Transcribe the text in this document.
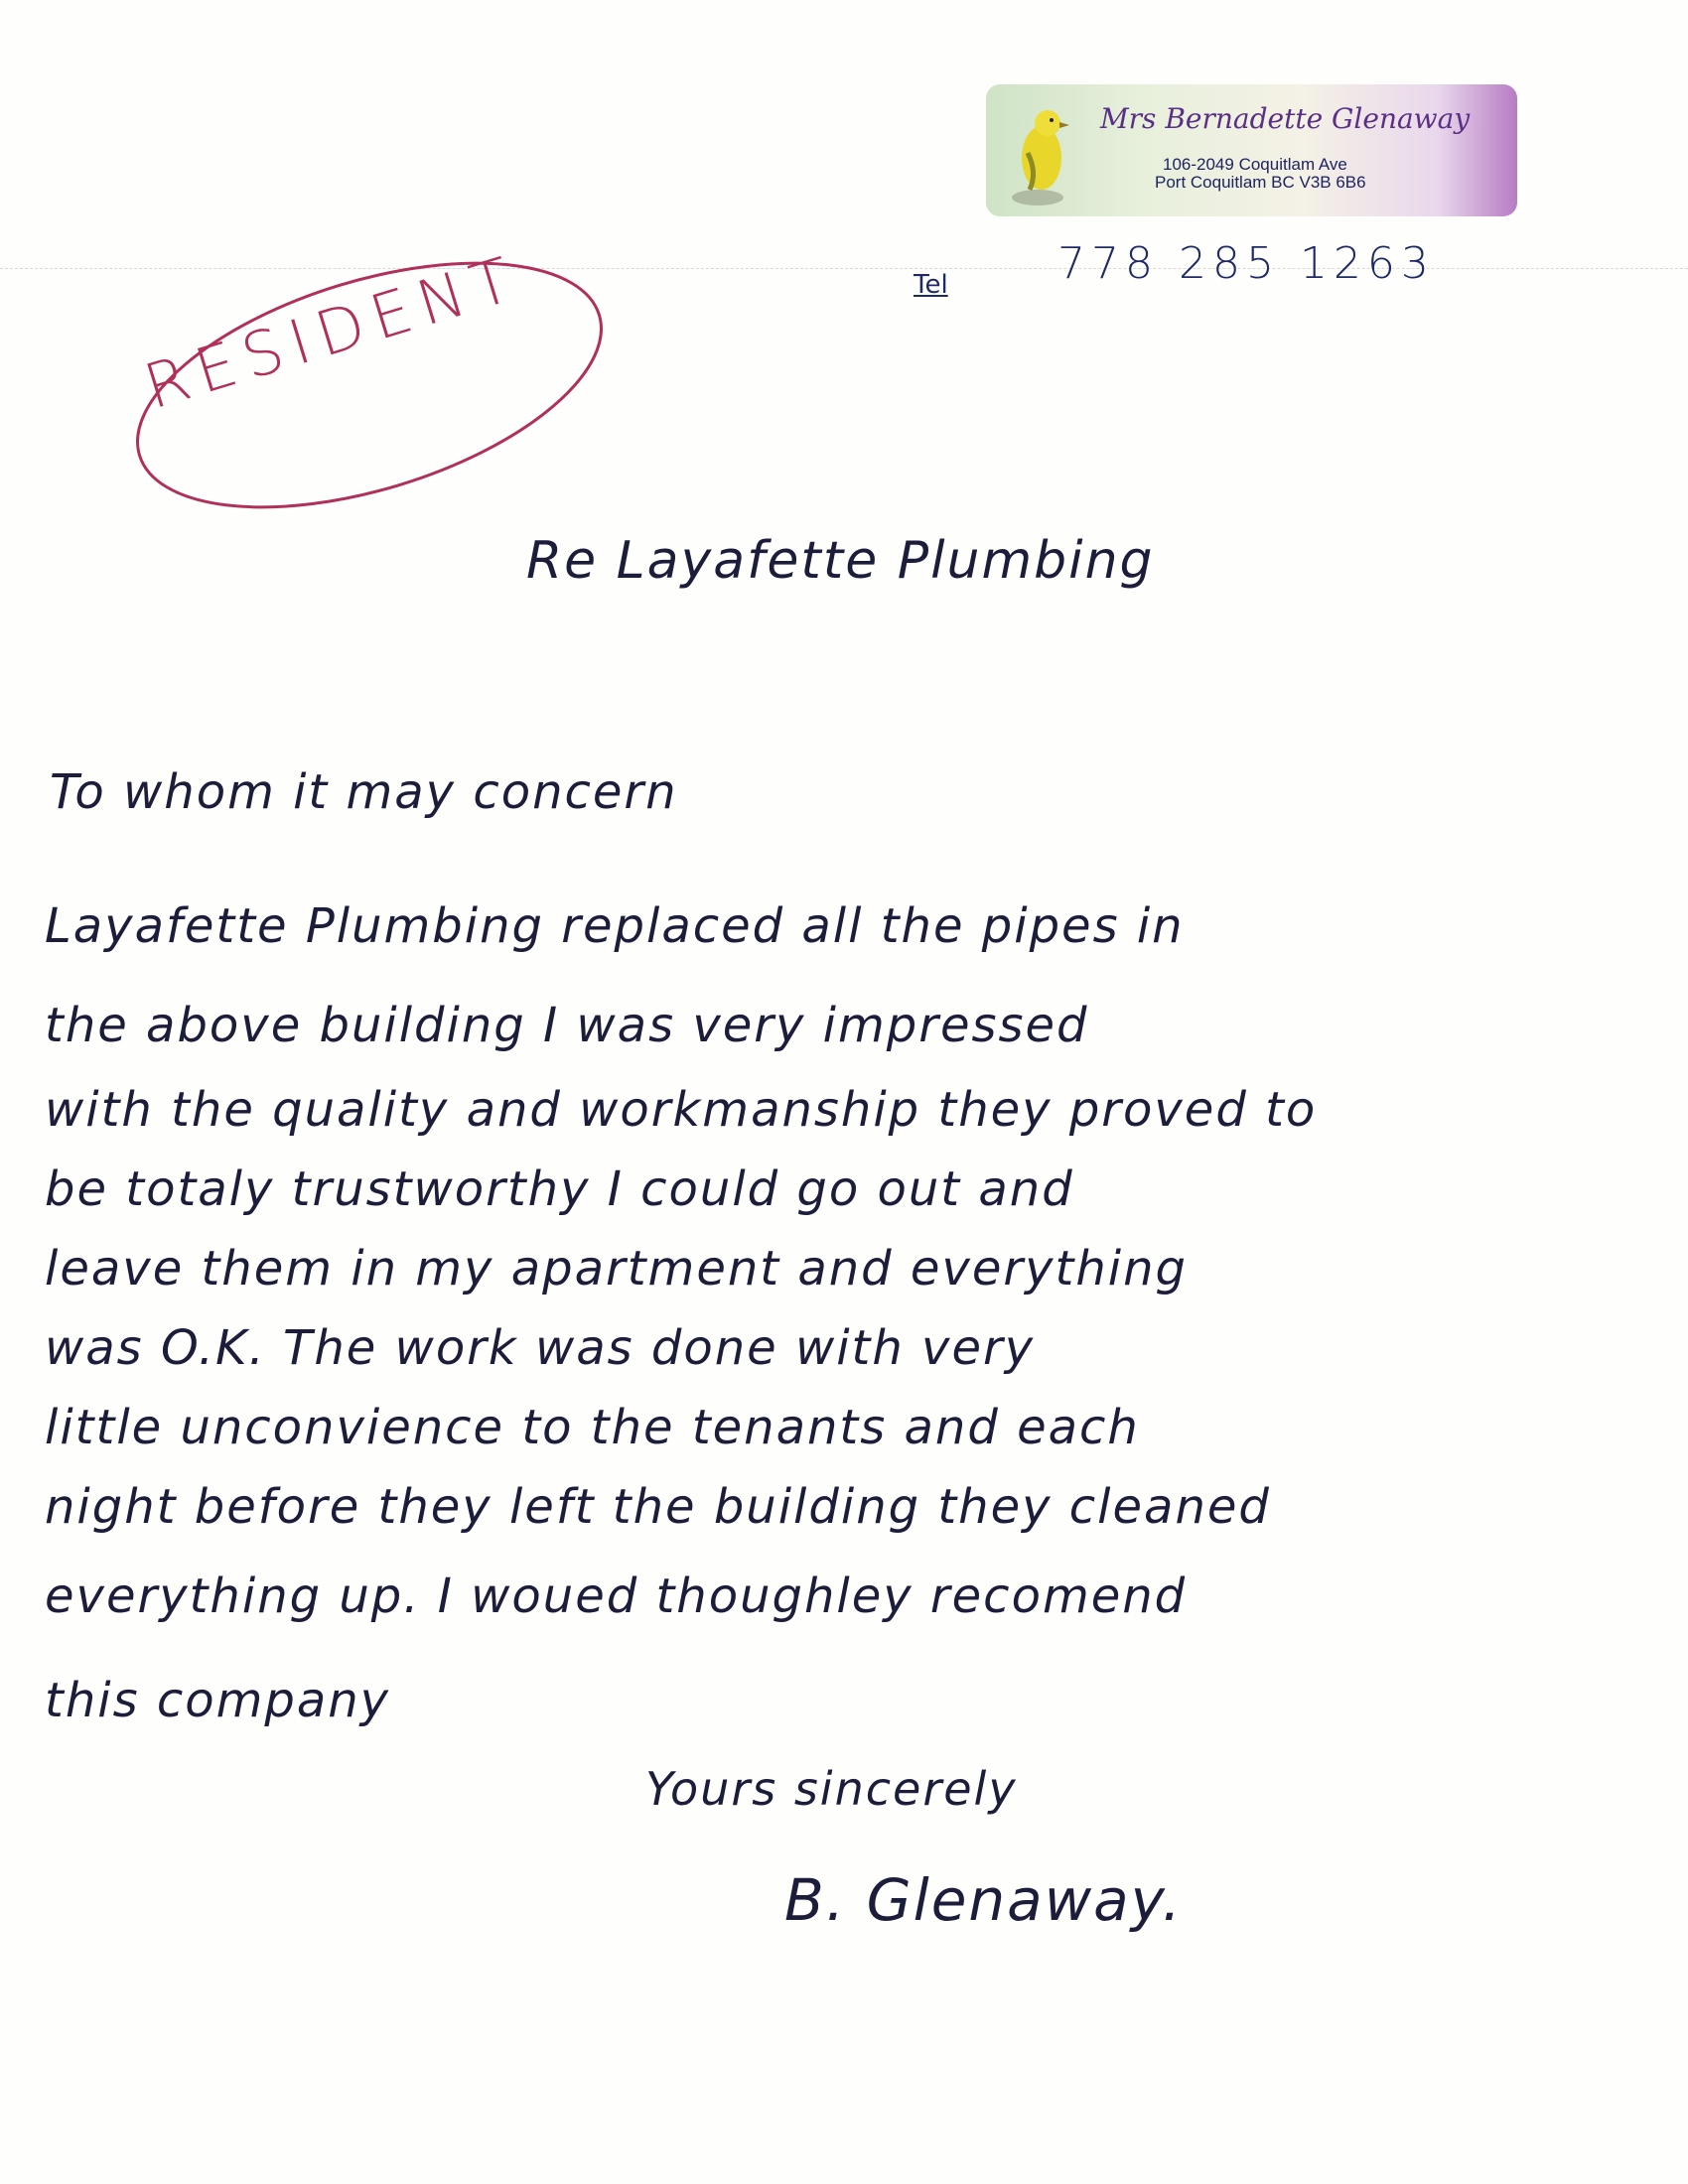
Mrs Bernadette Glenaway
106-2049 Coquitlam Ave
Port Coquitlam BC V3B 6B6
Tel	778 285 1263
RESIDENT
Re Layafette Plumbing
To whom it may concern
Layafette Plumbing replaced all the pipes in
the above building I was very impressed
with the quality and workmanship they proved to
be totaly trustworthy I could go out and
leave them in my apartment and everything
was O.K. The work was done with very
little unconvience to the tenants and each
night before they left the building they cleaned
everything up. I woued thoughley recomend
this company
Yours sincerely
B. Glenaway.
